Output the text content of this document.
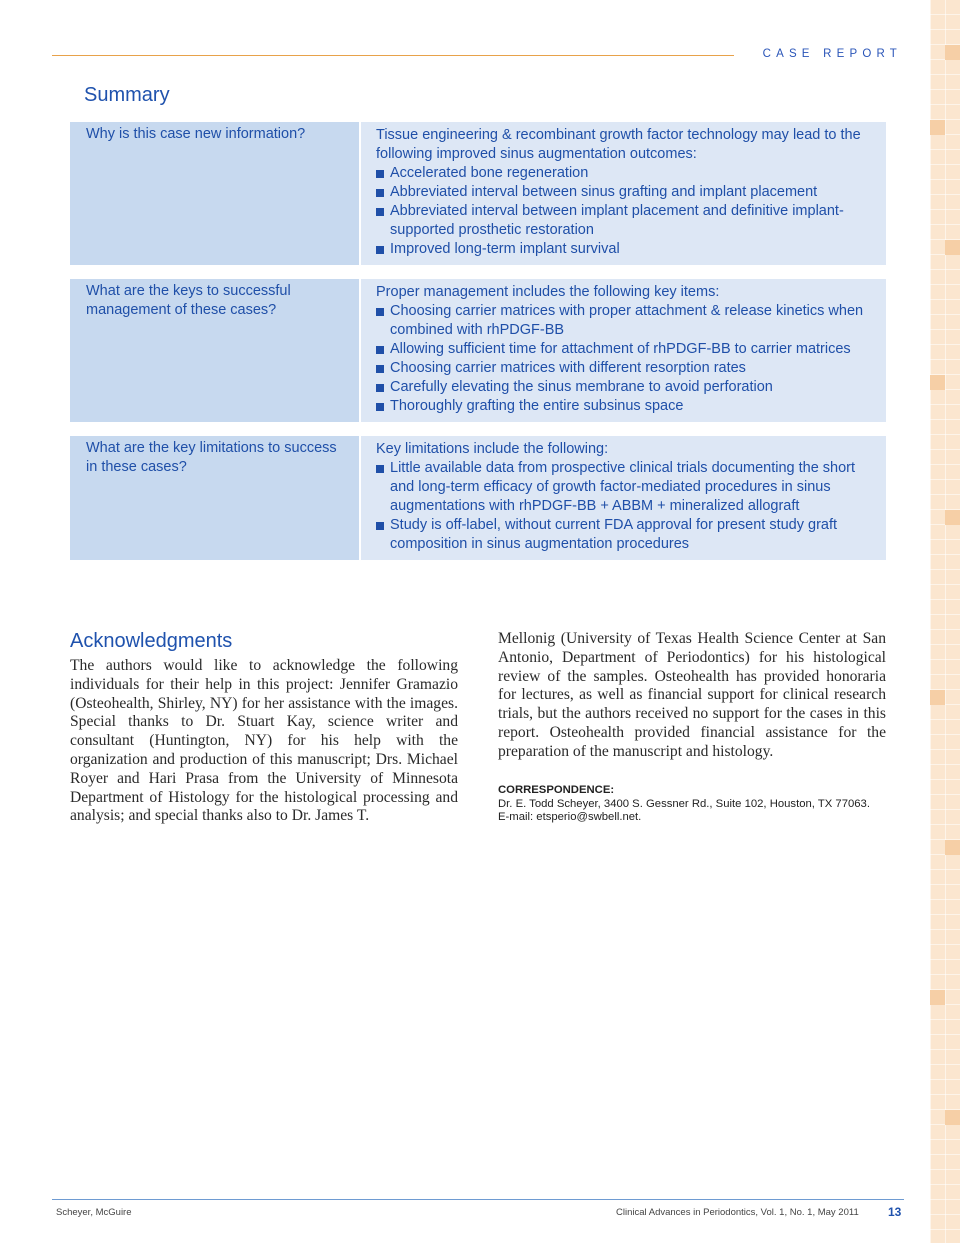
CASE REPORT
Summary
Why is this case new information?	Tissue engineering & recombinant growth factor technology may lead to the following improved sinus augmentation outcomes:
Accelerated bone regeneration
Abbreviated interval between sinus grafting and implant placement
Abbreviated interval between implant placement and definitive implant-supported prosthetic restoration
Improved long-term implant survival
What are the keys to successful management of these cases?
Proper management includes the following key items:
Choosing carrier matrices with proper attachment & release kinetics when combined with rhPDGF-BB
Allowing sufficient time for attachment of rhPDGF-BB to carrier matrices
Choosing carrier matrices with different resorption rates
Carefully elevating the sinus membrane to avoid perforation
Thoroughly grafting the entire subsinus space
What are the key limitations to success in these cases?
Key limitations include the following:
Little available data from prospective clinical trials documenting the short and long-term efficacy of growth factor-mediated procedures in sinus augmentations with rhPDGF-BB + ABBM + mineralized allograft
Study is off-label, without current FDA approval for present study graft composition in sinus augmentation procedures
Acknowledgments

The authors would like to acknowledge the following individuals for their help in this project: Jennifer Gramazio (Osteohealth, Shirley, NY) for her assistance with the images. Special thanks to Dr. Stuart Kay, science writer and consultant (Huntington, NY) for his help with the organization and production of this manuscript; Drs. Michael Royer and Hari Prasa from the University of Minnesota Department of Histology for the histological processing and analysis; and special thanks also to Dr. James T.

Mellonig (University of Texas Health Science Center at San Antonio, Department of Periodontics) for his histological review of the samples. Osteohealth has provided honoraria for lectures, as well as financial support for clinical research trials, but the authors received no support for the cases in this report. Osteohealth provided financial assistance for the preparation of the manuscript and histology.

CORRESPONDENCE:
Dr. E. Todd Scheyer, 3400 S. Gessner Rd., Suite 102, Houston, TX 77063.
E-mail: etsperio@swbell.net.
Scheyer, McGuire	Clinical Advances in Periodontics, Vol. 1, No. 1, May 2011 13
